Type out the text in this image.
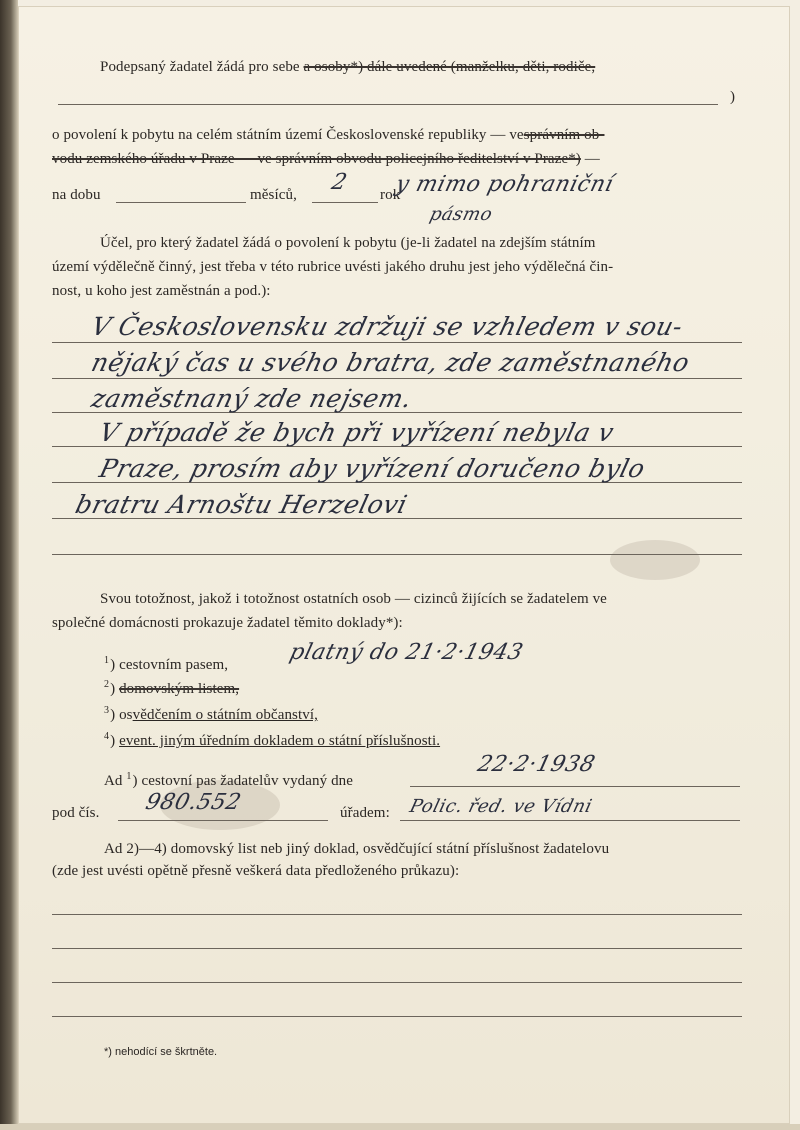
Podepsaný žadatel žádá pro sebe a osoby*) dále uvedené (manželku, děti, rodiče,
)
o povolení k pobytu na celém státním území Československé republiky — vesprávním ob-
vodu zemského úřadu v Praze — ve správním obvodu policejního ředitelství v Praze*) —
na dobu	měsíců, 2 rok
y mimo pohraniční
pásmo
Účel, pro který žadatel žádá o povolení k pobytu (je-li žadatel na zdejším státním
území výdělečně činný, jest třeba v této rubrice uvésti jakého druhu jest jeho výdělečná čin-
nost, u koho jest zaměstnán a pod.):
V Československu zdržuji se vzhledem v sou-
nějaký čas u svého bratra, zde zaměstnaného
zaměstnaný zde nejsem.
V případě že bych při vyřízení nebyla v
Praze, prosím aby vyřízení doručeno bylo
bratru Arnoštu Herzelovi
Svou totožnost, jakož i totožnost ostatních osob — cizinců žijících se žadatelem ve
společné domácnosti prokazuje žadatel těmito doklady*):
$^1$) cestovním pasem,	platný do 21·2·1943
$^2$) domovským listem,
$^3$) osvědčením o státním občanství,
$^4$) event. jiným úředním dokladem o státní příslušnosti.
Ad $^1$) cestovní pas žadatelův vydaný dne
22·2·1938
pod čís. 980.552	úřadem: Polic. řed. ve Vídni
Ad 2)—4) domovský list neb jiný doklad, osvědčující státní příslušnost žadatelovu
(zde jest uvésti opětně přesně veškerá data předloženého průkazu):
*) nehodící se škrtněte.
